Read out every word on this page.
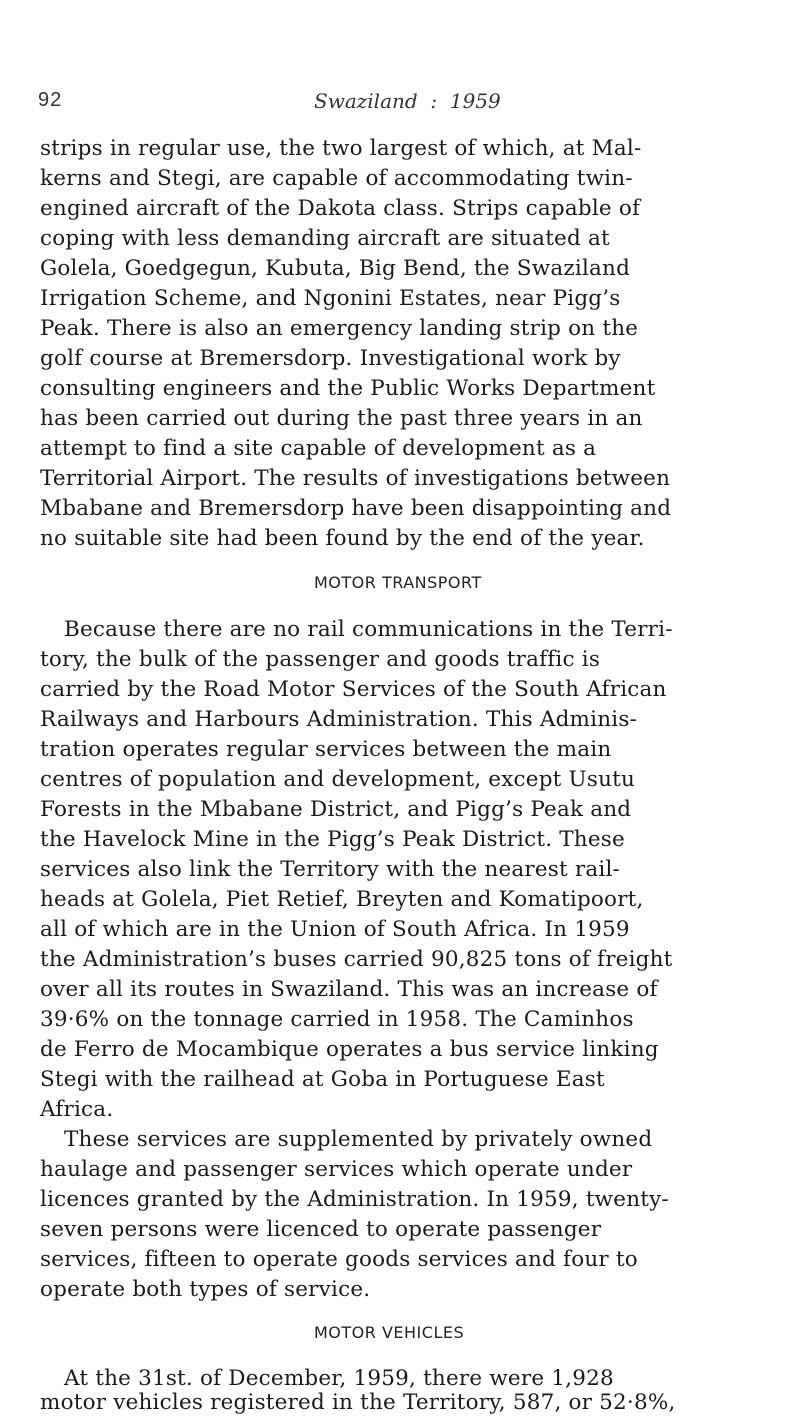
92	Swaziland  :  1959
strips in regular use, the two largest of which, at Mal-
kerns and Stegi, are capable of accommodating twin-
engined aircraft of the Dakota class. Strips capable of
coping with less demanding aircraft are situated at
Golela, Goedgegun, Kubuta, Big Bend, the Swaziland
Irrigation Scheme, and Ngonini Estates, near Pigg’s
Peak. There is also an emergency landing strip on the
golf course at Bremersdorp. Investigational work by
consulting engineers and the Public Works Department
has been carried out during the past three years in an
attempt to find a site capable of development as a
Territorial Airport. The results of investigations between
Mbabane and Bremersdorp have been disappointing and
no suitable site had been found by the end of the year.
MOTOR TRANSPORT
Because there are no rail communications in the Terri-
tory, the bulk of the passenger and goods traffic is
carried by the Road Motor Services of the South African
Railways and Harbours Administration. This Adminis-
tration operates regular services between the main
centres of population and development, except Usutu
Forests in the Mbabane District, and Pigg’s Peak and
the Havelock Mine in the Pigg’s Peak District. These
services also link the Territory with the nearest rail-
heads at Golela, Piet Retief, Breyten and Komatipoort,
all of which are in the Union of South Africa. In 1959
the Administration’s buses carried 90,825 tons of freight
over all its routes in Swaziland. This was an increase of
39·6% on the tonnage carried in 1958. The Caminhos
de Ferro de Mocambique operates a bus service linking
Stegi with the railhead at Goba in Portuguese East
Africa.
These services are supplemented by privately owned
haulage and passenger services which operate under
licences granted by the Administration. In 1959, twenty-
seven persons were licenced to operate passenger
services, fifteen to operate goods services and four to
operate both types of service.
MOTOR VEHICLES
At the 31st. of December, 1959, there were 1,928
motor vehicles registered in the Territory, 587, or 52·8%,
